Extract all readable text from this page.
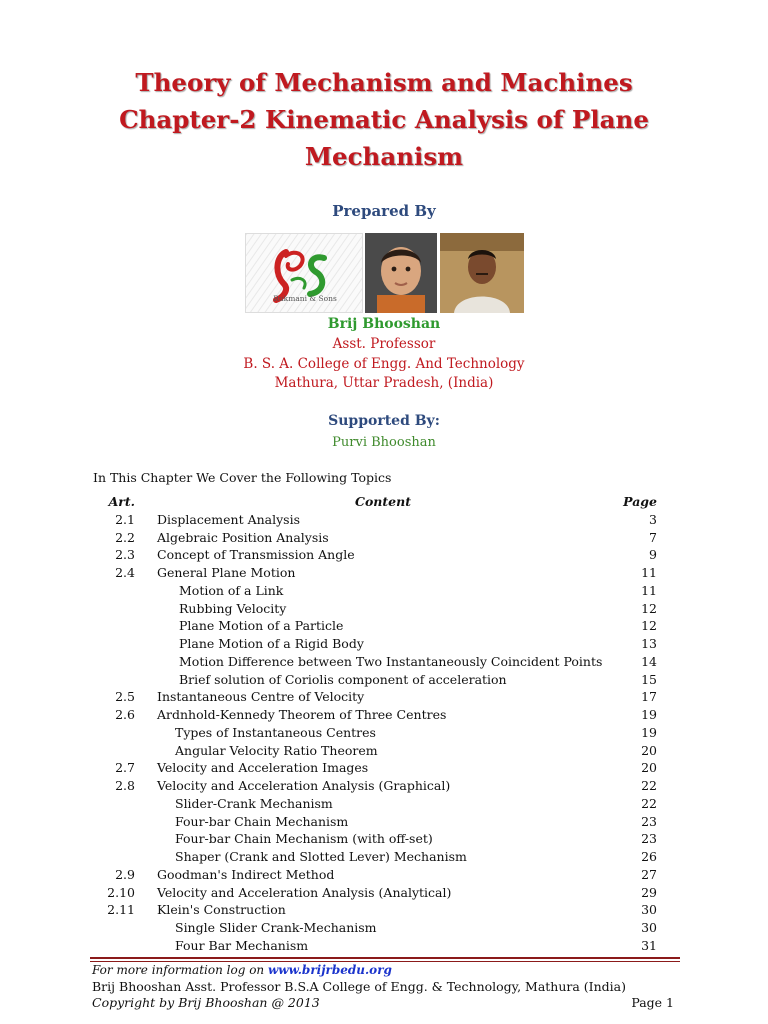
Theory of Mechanism and Machines
Chapter-2 Kinematic Analysis of Plane
Mechanism
Prepared By
Rukmani & Sons
Brij Bhooshan
Asst. Professor
B. S. A. College of Engg. And Technology
Mathura, Uttar Pradesh, (India)
Supported By:
Purvi Bhooshan
In This Chapter We Cover the Following Topics
Art.	Content	Page
2.1 Displacement Analysis	3
2.2 Algebraic Position Analysis	7
2.3 Concept of Transmission Angle	9
2.4 General Plane Motion	11
Motion of a Link	11
Rubbing Velocity	12
Plane Motion of a Particle	12
Plane Motion of a Rigid Body	13
Motion Difference between Two Instantaneously Coincident Points	14
Brief solution of Coriolis component of acceleration	15
2.5 Instantaneous Centre of Velocity	17
2.6 Ardnhold-Kennedy Theorem of Three Centres	19
Types of Instantaneous Centres	19
Angular Velocity Ratio Theorem	20
2.7 Velocity and Acceleration Images	20
2.8 Velocity and Acceleration Analysis (Graphical)	22
Slider-Crank Mechanism	22
Four-bar Chain Mechanism	23
Four-bar Chain Mechanism (with off-set)	23
Shaper (Crank and Slotted Lever) Mechanism	26
2.9 Goodman's Indirect Method	27
2.10 Velocity and Acceleration Analysis (Analytical)	29
2.11 Klein's Construction	30
Single Slider Crank-Mechanism	30
Four Bar Mechanism	31
For more information log on www.brijrbedu.org
Brij Bhooshan Asst. Professor B.S.A College of Engg. & Technology, Mathura (India)
Copyright by Brij Bhooshan @ 2013	Page 1
